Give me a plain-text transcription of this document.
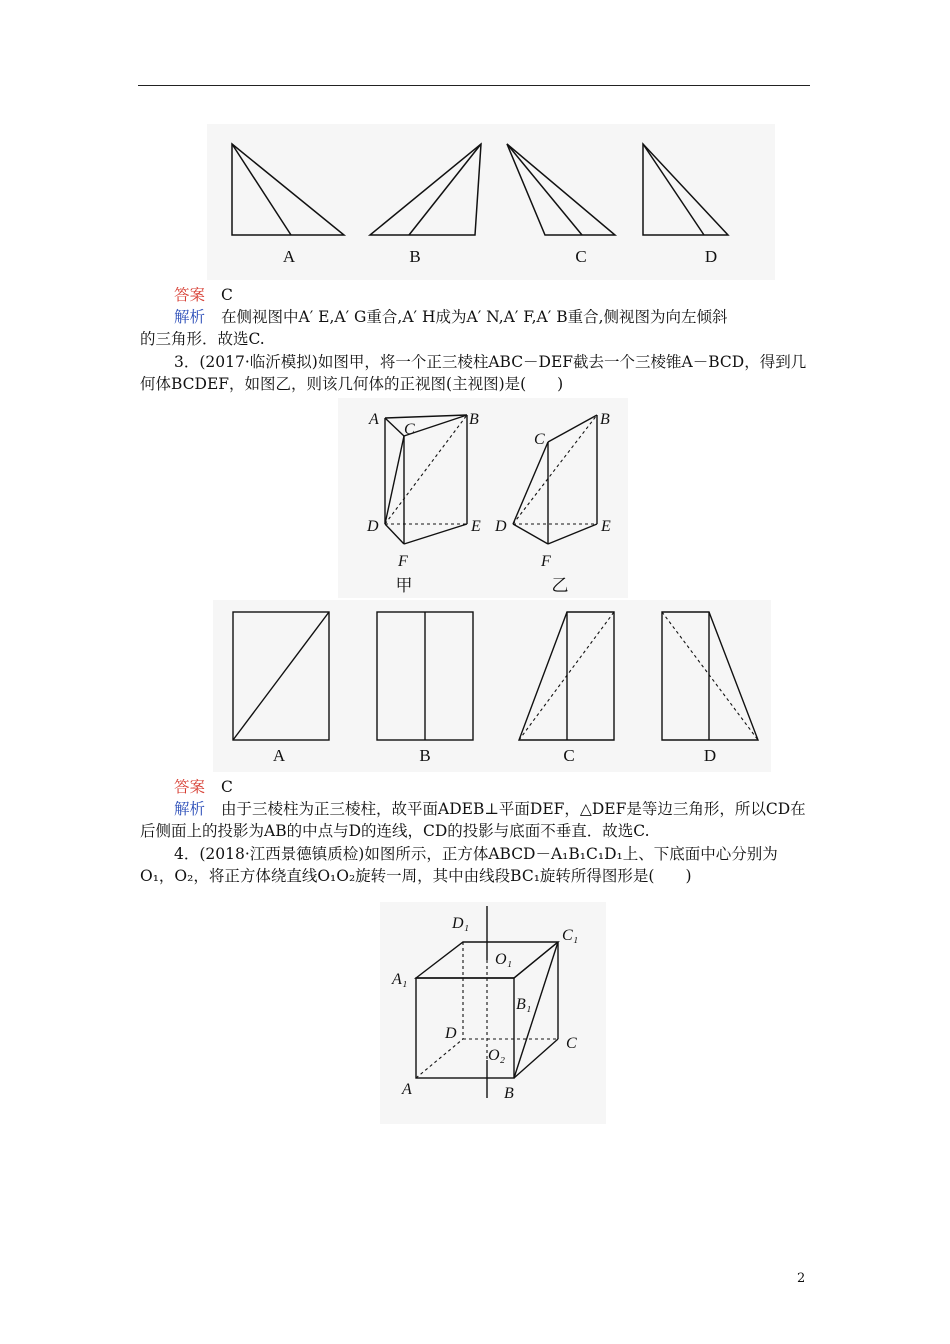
A	B	C	D
答案 C
解析 在侧视图中A′ E,A′ G重合,A′ H成为A′ N,A′ F,A′ B重合,侧视图为向左倾斜
的三角形．故选C.
3．(2017·临沂模拟)如图甲，将一个正三棱柱ABC－DEF截去一个三棱锥A－BCD，得到几
何体BCDEF，如图乙，则该几何体的正视图(主视图)是(　　)
A
C
B
D	E
F
C
B
D	E
F
甲	乙
A	B	C	D
答案 C
解析 由于三棱柱为正三棱柱，故平面ADEB⊥平面DEF，△DEF是等边三角形，所以CD在
后侧面上的投影为AB的中点与D的连线，CD的投影与底面不垂直．故选C.
4．(2018·江西景德镇质检)如图所示，正方体ABCD－A₁B₁C₁D₁上、下底面中心分别为
O₁，O₂，将正方体绕直线O₁O₂旋转一周，其中由线段BC₁旋转所得图形是(　　)
D₁
C₁
O₁
A₁
B₁
D
C
O₂
A	B
2
